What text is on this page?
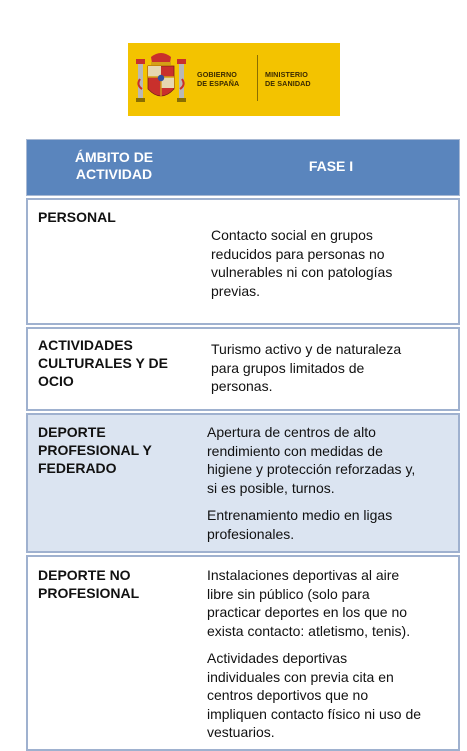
GOBIERNO
DE ESPAÑA
MINISTERIO
DE SANIDAD
ÁMBITO DE
ACTIVIDAD	FASE I
PERSONAL

Contacto social en grupos
reducidos para personas no
vulnerables ni con patologías
previas.

ACTIVIDADES
CULTURALES Y DE
OCIO

Turismo activo y de naturaleza
para grupos limitados de
personas.

DEPORTE
PROFESIONAL Y
FEDERADO

Apertura de centros de alto
rendimiento con medidas de
higiene y protección reforzadas y,
si es posible, turnos.

Entrenamiento medio en ligas
profesionales.

DEPORTE NO
PROFESIONAL

Instalaciones deportivas al aire
libre sin público (solo para
practicar deportes en los que no
exista contacto: atletismo, tenis).

Actividades deportivas
individuales con previa cita en
centros deportivos que no
impliquen contacto físico ni uso de
vestuarios.
